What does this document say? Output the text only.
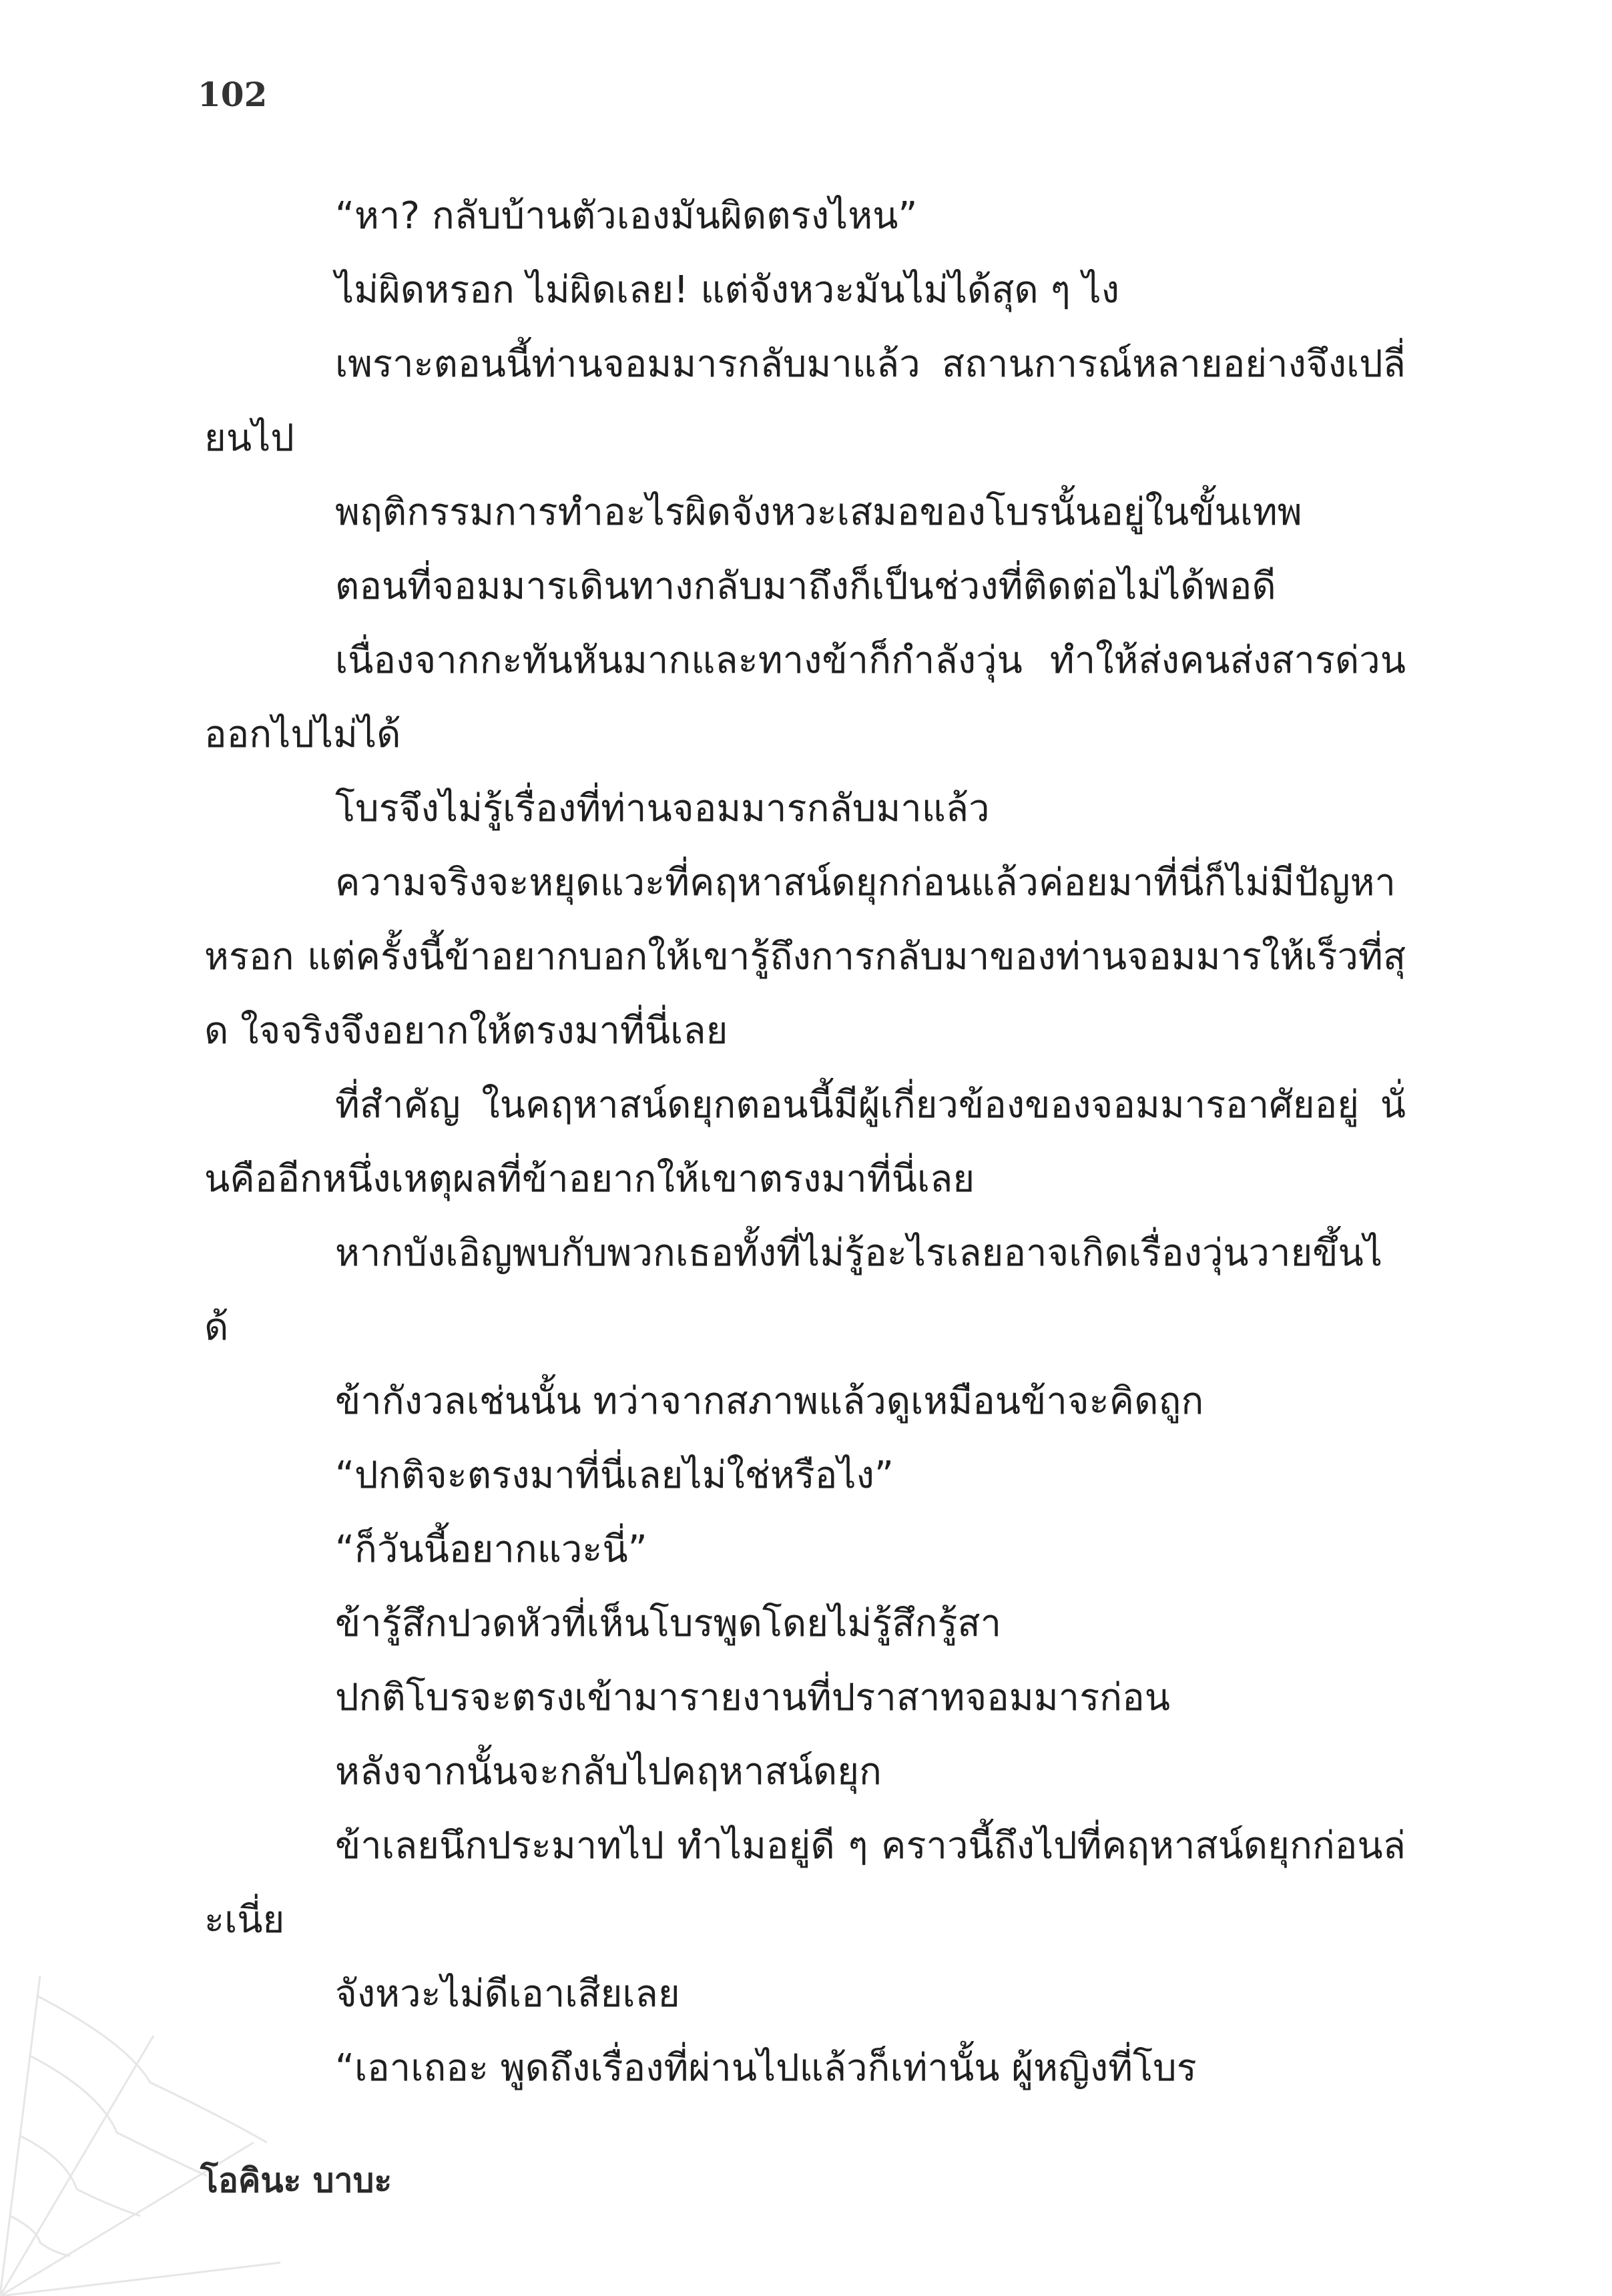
102

“หา? กลับบ้านตัวเองมันผิดตรงไหน”

ไม่ผิดหรอก ไม่ผิดเลย! แต่จังหวะมันไม่ได้สุด ๆ ไง

เพราะตอนนี้ท่านจอมมารกลับมาแล้ว สถานการณ์หลายอย่างจึงเปลี่ยนไป

พฤติกรรมการทำอะไรผิดจังหวะเสมอของโบรนั้นอยู่ในขั้นเทพ

ตอนที่จอมมารเดินทางกลับมาถึงก็เป็นช่วงที่ติดต่อไม่ได้พอดี

เนื่องจากกะทันหันมากและทางข้าก็กำลังวุ่น ทำให้ส่งคนส่งสารด่วนออกไปไม่ได้

โบรจึงไม่รู้เรื่องที่ท่านจอมมารกลับมาแล้ว

ความจริงจะหยุดแวะที่คฤหาสน์ดยุกก่อนแล้วค่อยมาที่นี่ก็ไม่มีปัญหาหรอก แต่ครั้งนี้ข้าอยากบอกให้เขารู้ถึงการกลับมาของท่านจอมมารให้เร็วที่สุด ใจจริงจึงอยากให้ตรงมาที่นี่เลย

ที่สำคัญ ในคฤหาสน์ดยุกตอนนี้มีผู้เกี่ยวข้องของจอมมารอาศัยอยู่ นั่นคืออีกหนึ่งเหตุผลที่ข้าอยากให้เขาตรงมาที่นี่เลย

หากบังเอิญพบกับพวกเธอทั้งที่ไม่รู้อะไรเลยอาจเกิดเรื่องวุ่นวายขึ้นได้

ข้ากังวลเช่นนั้น ทว่าจากสภาพแล้วดูเหมือนข้าจะคิดถูก

“ปกติจะตรงมาที่นี่เลยไม่ใช่หรือไง”

“ก็วันนี้อยากแวะนี่”

ข้ารู้สึกปวดหัวที่เห็นโบรพูดโดยไม่รู้สึกรู้สา

ปกติโบรจะตรงเข้ามารายงานที่ปราสาทจอมมารก่อน

หลังจากนั้นจะกลับไปคฤหาสน์ดยุก

ข้าเลยนึกประมาทไป ทำไมอยู่ดี ๆ คราวนี้ถึงไปที่คฤหาสน์ดยุกก่อนล่ะเนี่ย

จังหวะไม่ดีเอาเสียเลย

“เอาเถอะ พูดถึงเรื่องที่ผ่านไปแล้วก็เท่านั้น ผู้หญิงที่โบร

โอคินะ บาบะ
